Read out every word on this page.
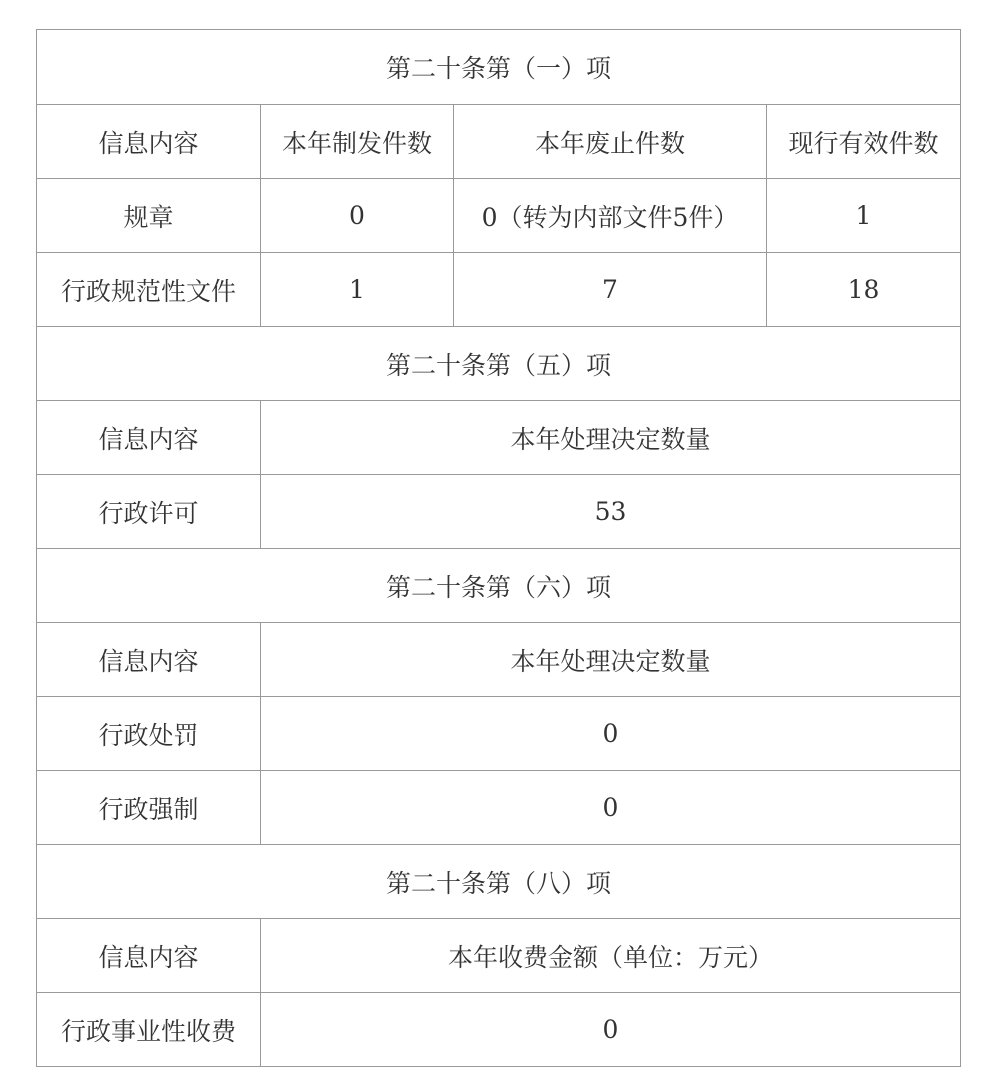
第二十条第（一）项			
信息内容	本年制发件数	本年废止件数	现行有效件数
规章	0	0（转为内部文件5件）	1
行政规范性文件	1	7	18
第二十条第（五）项			
信息内容	本年处理决定数量		
行政许可	53		
第二十条第（六）项			
信息内容	本年处理决定数量		
行政处罚	0		
行政强制	0		
第二十条第（八）项			
信息内容	本年收费金额（单位：万元）		
行政事业性收费	0		
